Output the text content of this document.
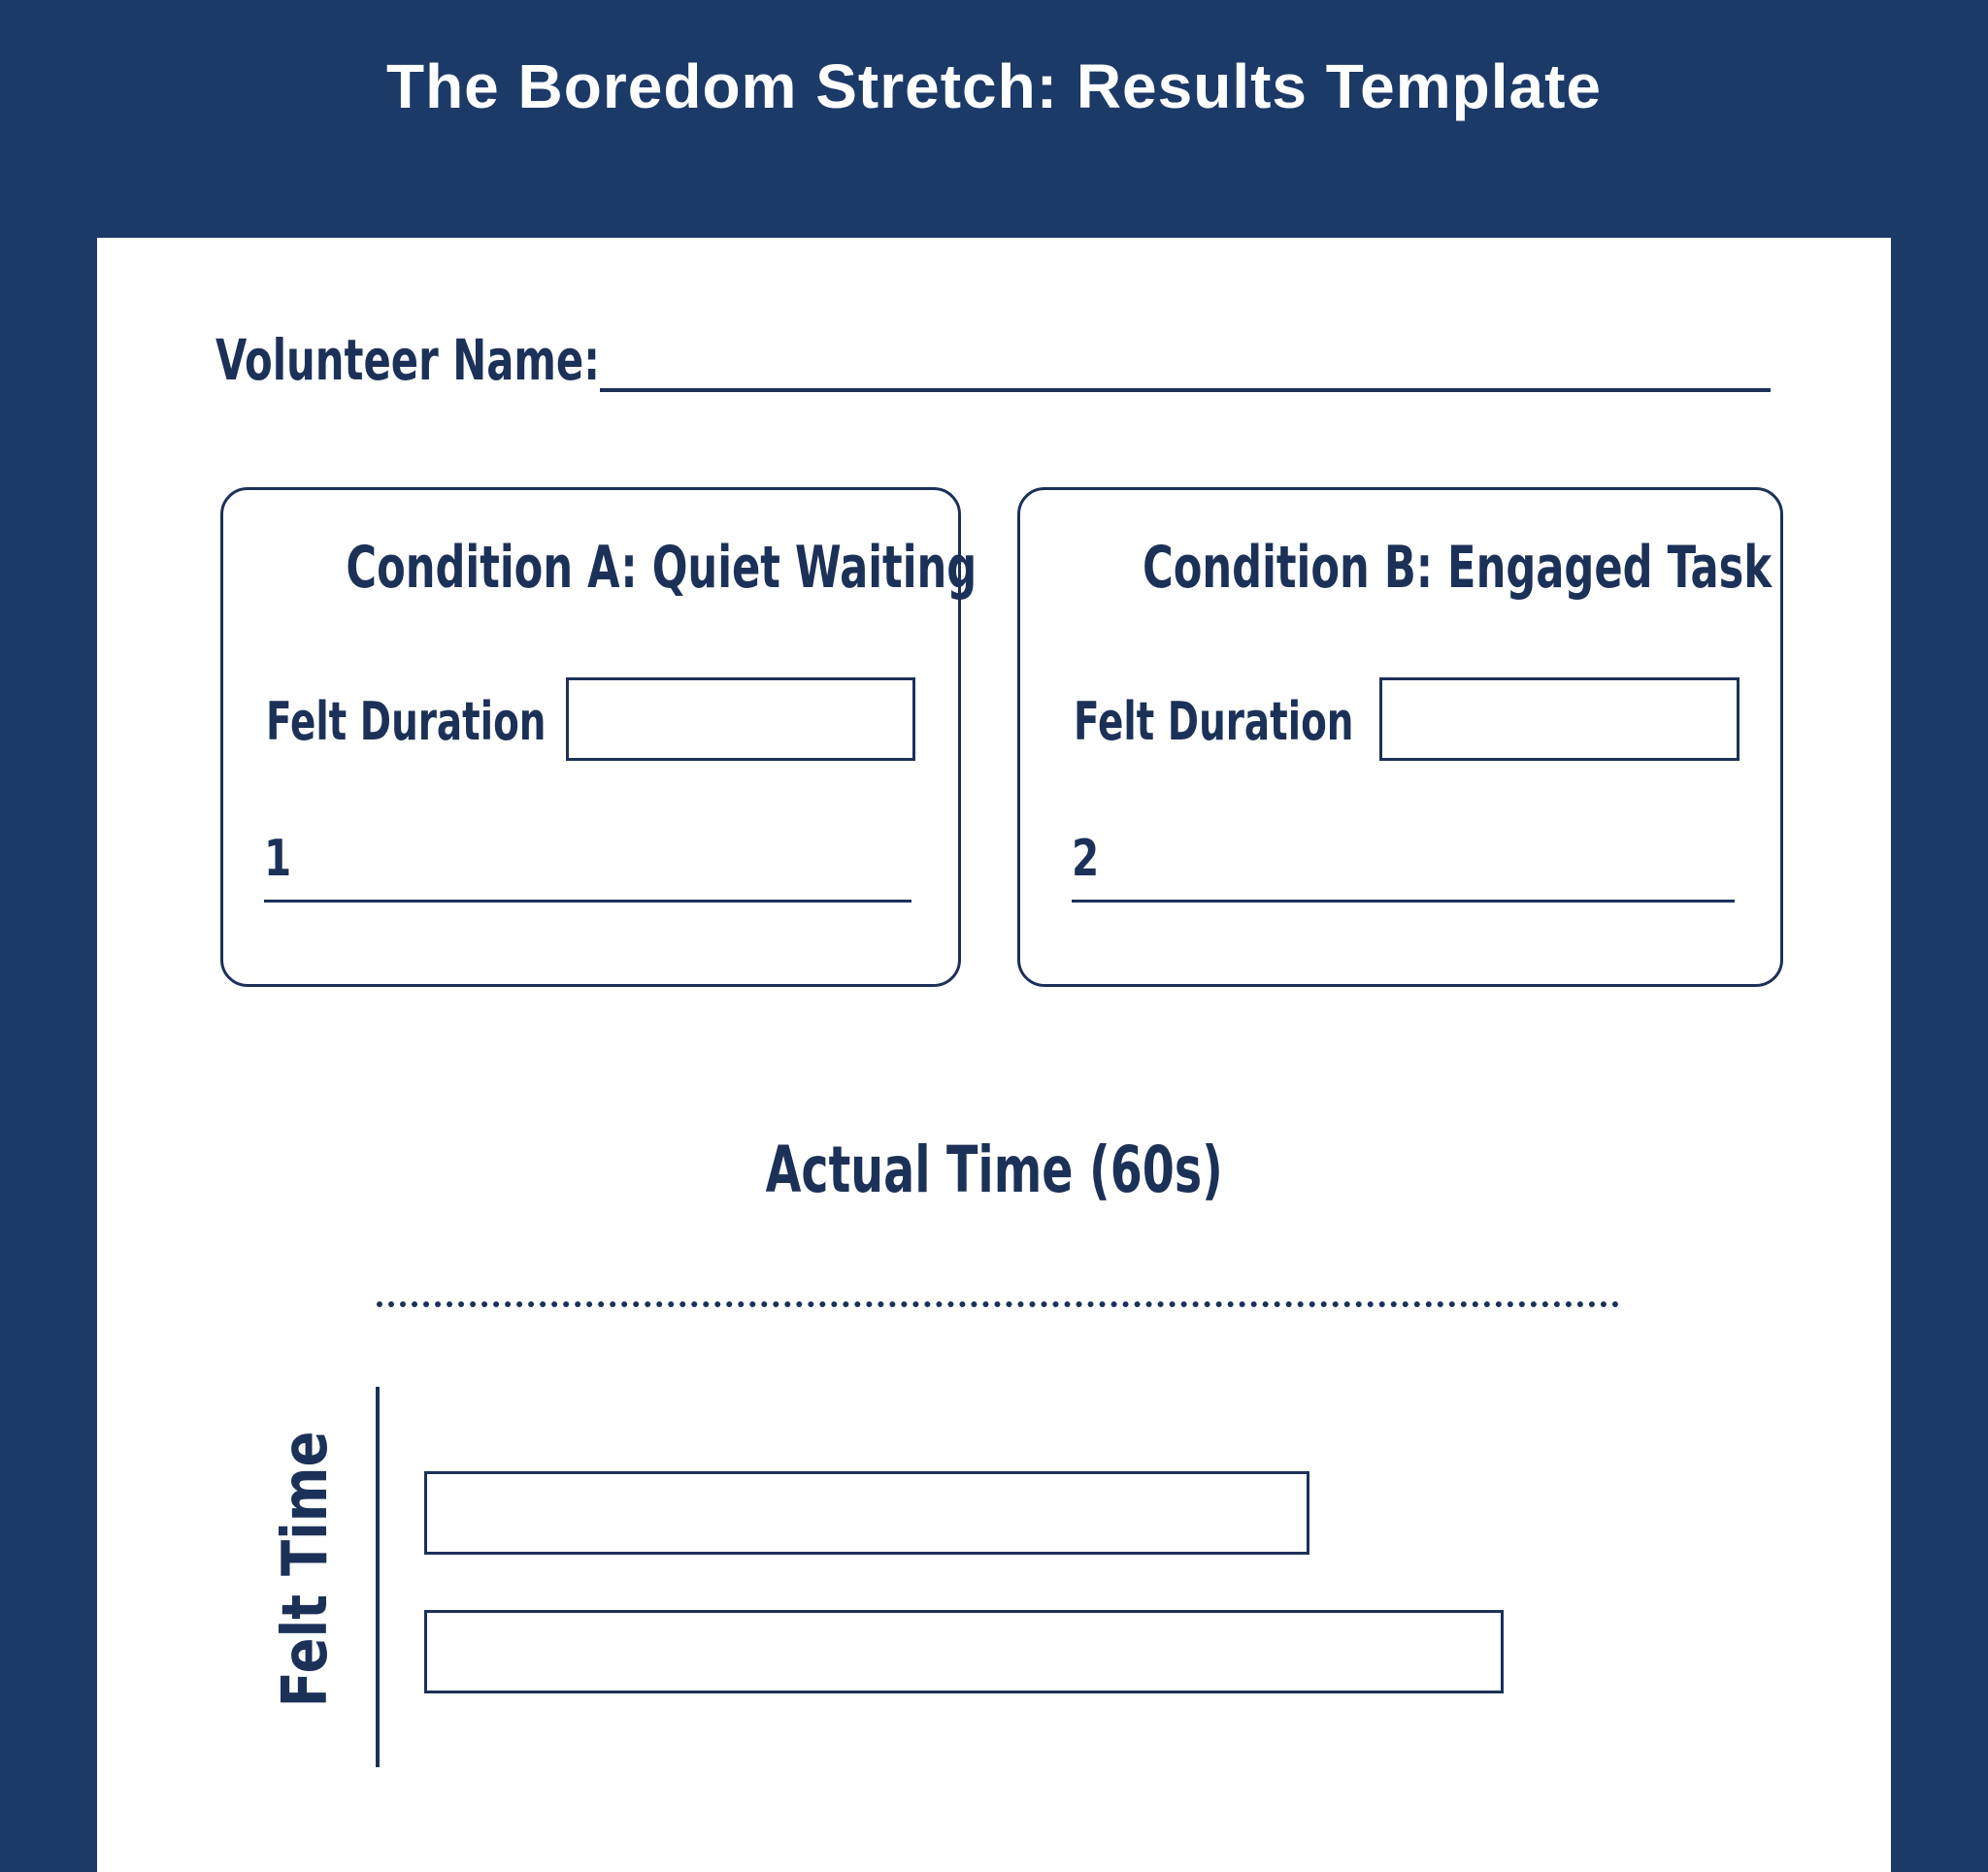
The Boredom Stretch: Results Template
Volunteer Name:
Condition A: Quiet Waiting
Felt Duration
1
Condition B: Engaged Task
Felt Duration
2
Actual Time (60s)
Felt Time
